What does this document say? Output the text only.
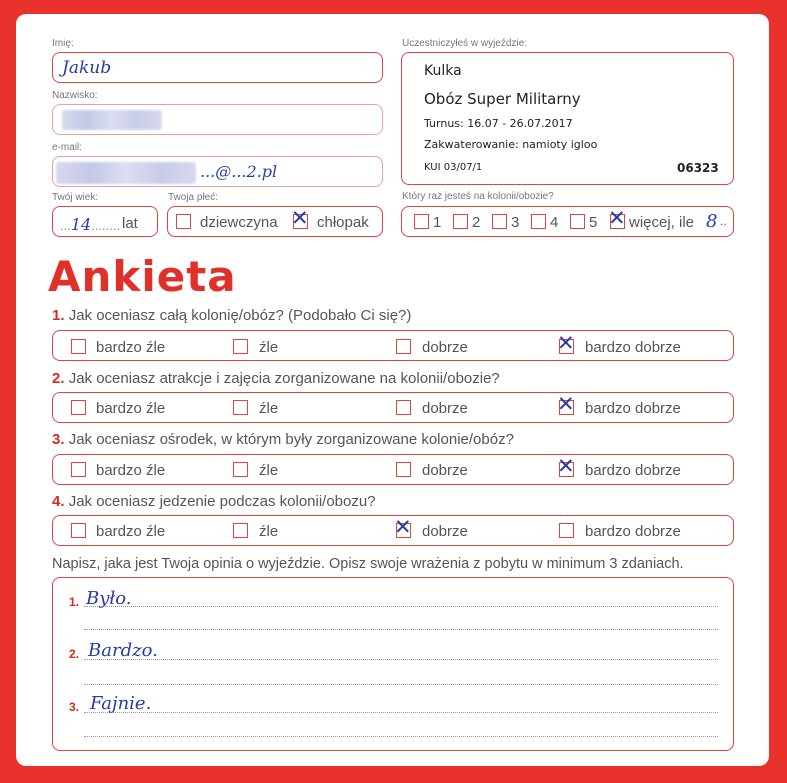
Imię:
Jakub
Nazwisko:
e-mail:
...@...2.pl
Twój wiek:
...14........ lat
Twoja płeć:
dziewczyna ✕ chłopak
Uczestniczyłeś w wyjeździe:
Kulka
Obóz Super Militarny
Turnus: 16.07 - 26.07.2017
Zakwaterowanie: namioty igloo
KUI 03/07/1	06323
Który raz jesteś na kolonii/obozie?
1 2 3 4 5 ✕ więcej, ile 8 ..
Ankieta
1. Jak oceniasz całą kolonię/obóz? (Podobało Ci się?)
bardzo źle	źle	dobrze	✕ bardzo dobrze
2. Jak oceniasz atrakcje i zajęcia zorganizowane na kolonii/obozie?
bardzo źle	źle	dobrze	✕ bardzo dobrze
3. Jak oceniasz ośrodek, w którym były zorganizowane kolonie/obóz?
bardzo źle	źle	dobrze	✕ bardzo dobrze
4. Jak oceniasz jedzenie podczas kolonii/obozu?
bardzo źle	źle	✕ dobrze	bardzo dobrze
Napisz, jaka jest Twoja opinia o wyjeździe. Opisz swoje wrażenia z pobytu w minimum 3 zdaniach.
1. Było.
2. Bardzo.
3. Fajnie.
